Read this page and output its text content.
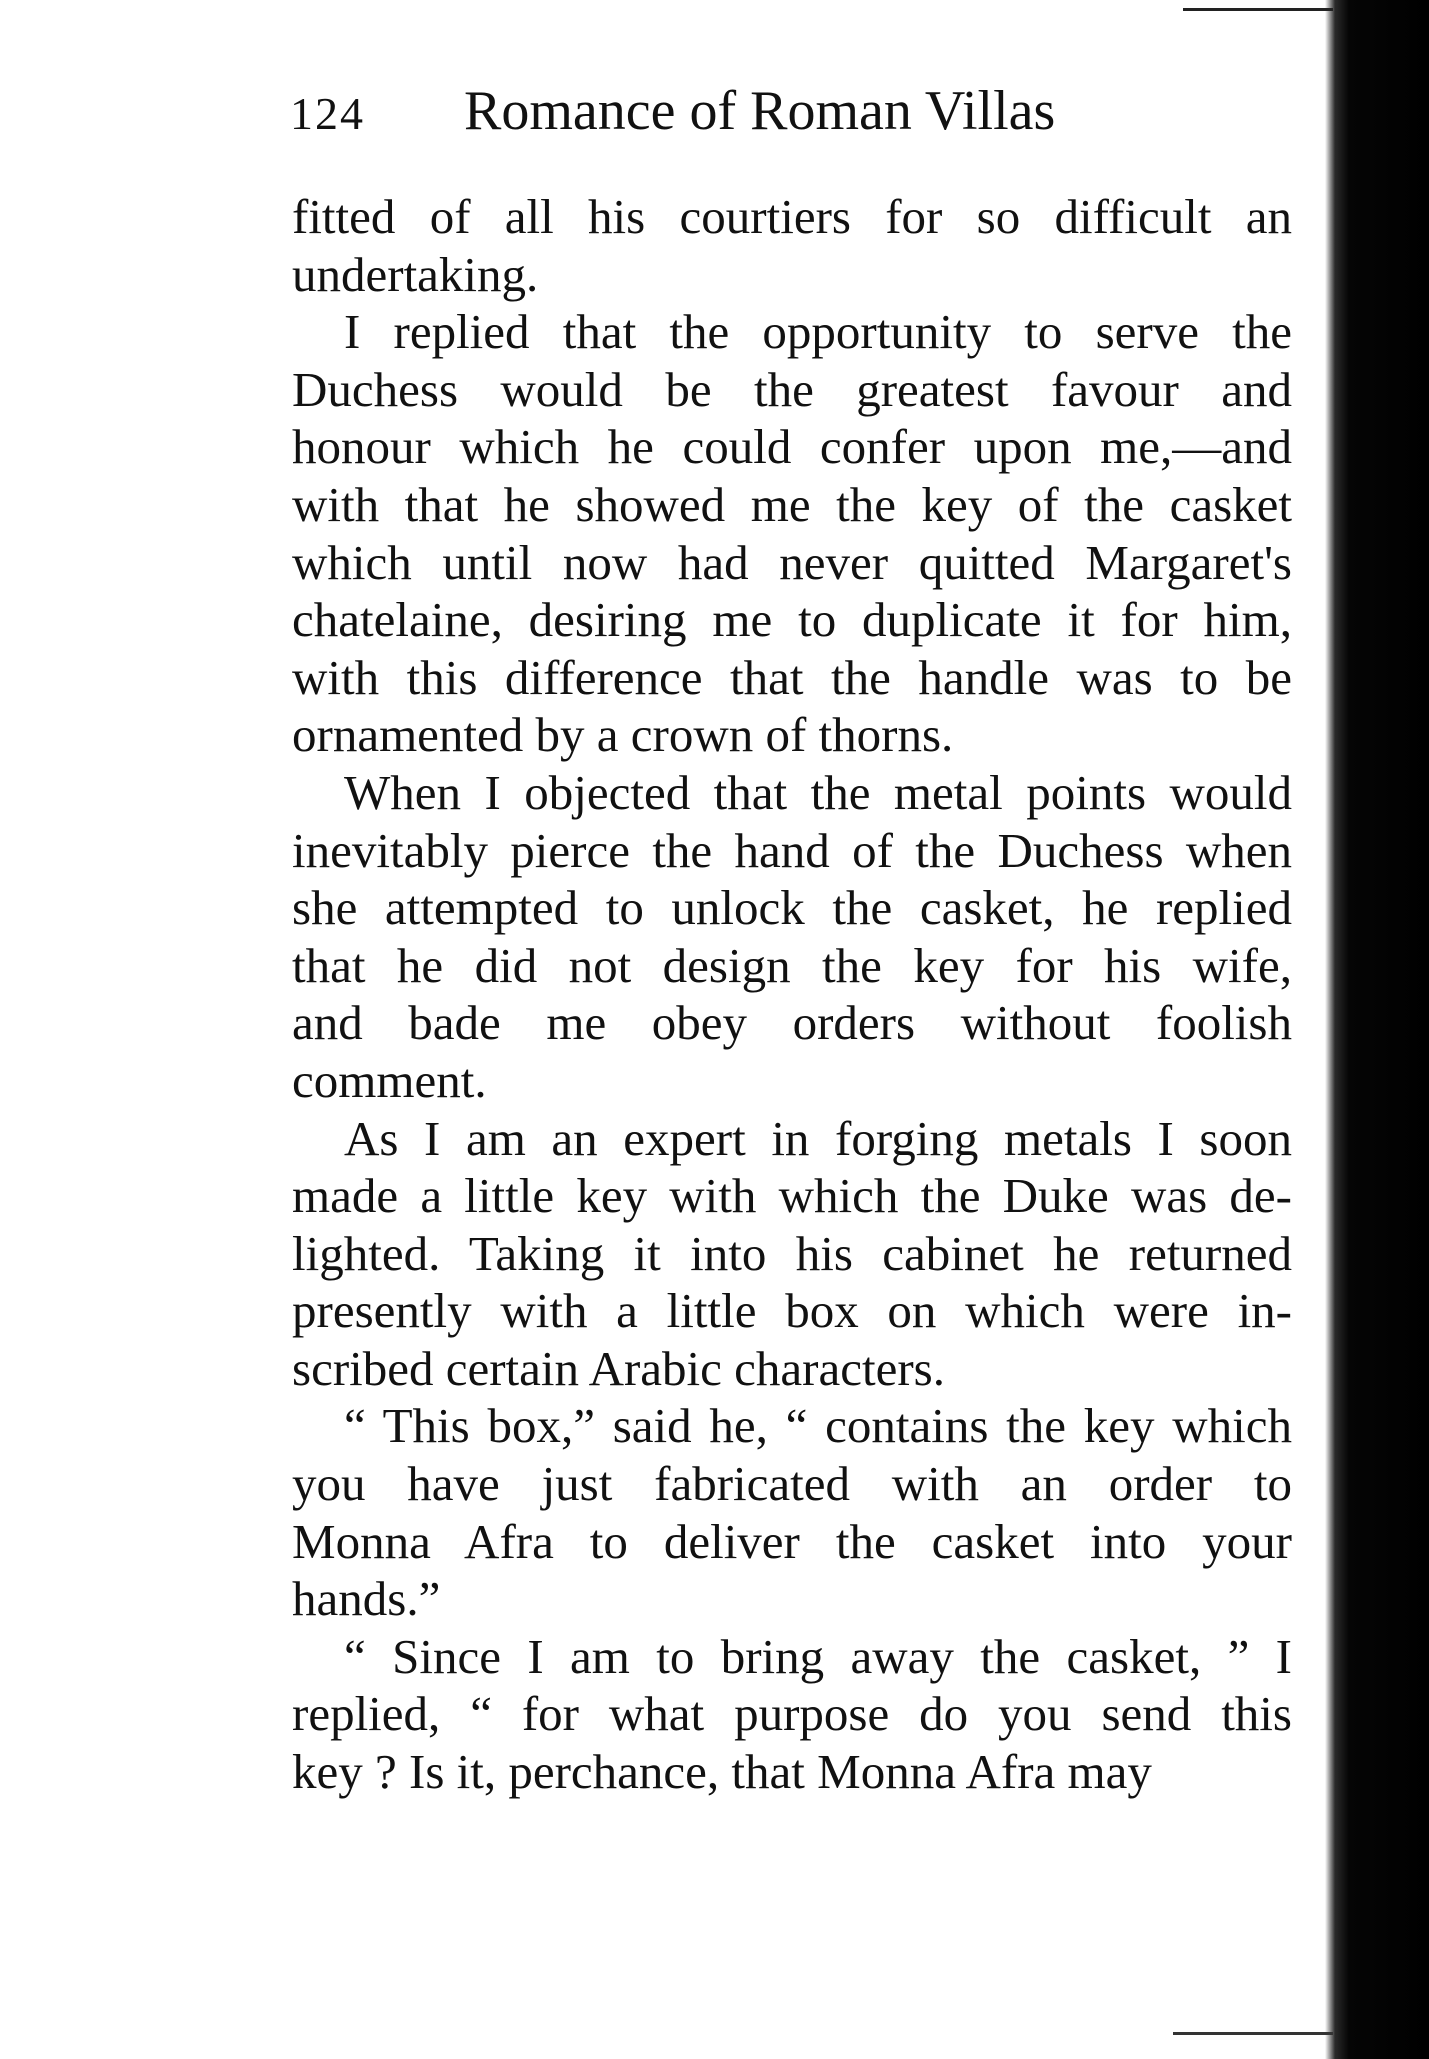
124 Romance of Roman Villas

fitted of all his courtiers for so difficult an
undertaking.

I replied that the opportunity to serve the
Duchess would be the greatest favour and
honour which he could confer upon me,—and
with that he showed me the key of the casket
which until now had never quitted Margaret's
chatelaine, desiring me to duplicate it for him,
with this difference that the handle was to be
ornamented by a crown of thorns.

When I objected that the metal points would
inevitably pierce the hand of the Duchess when
she attempted to unlock the casket, he replied
that he did not design the key for his wife,
and bade me obey orders without foolish
comment.

As I am an expert in forging metals I soon
made a little key with which the Duke was de-
lighted. Taking it into his cabinet he returned
presently with a little box on which were in-
scribed certain Arabic characters.

“ This box,” said he, “ contains the key which
you have just fabricated with an order to
Monna Afra to deliver the casket into your
hands.”

“ Since I am to bring away the casket, ” I
replied, “ for what purpose do you send this
key ? Is it, perchance, that Monna Afra may
